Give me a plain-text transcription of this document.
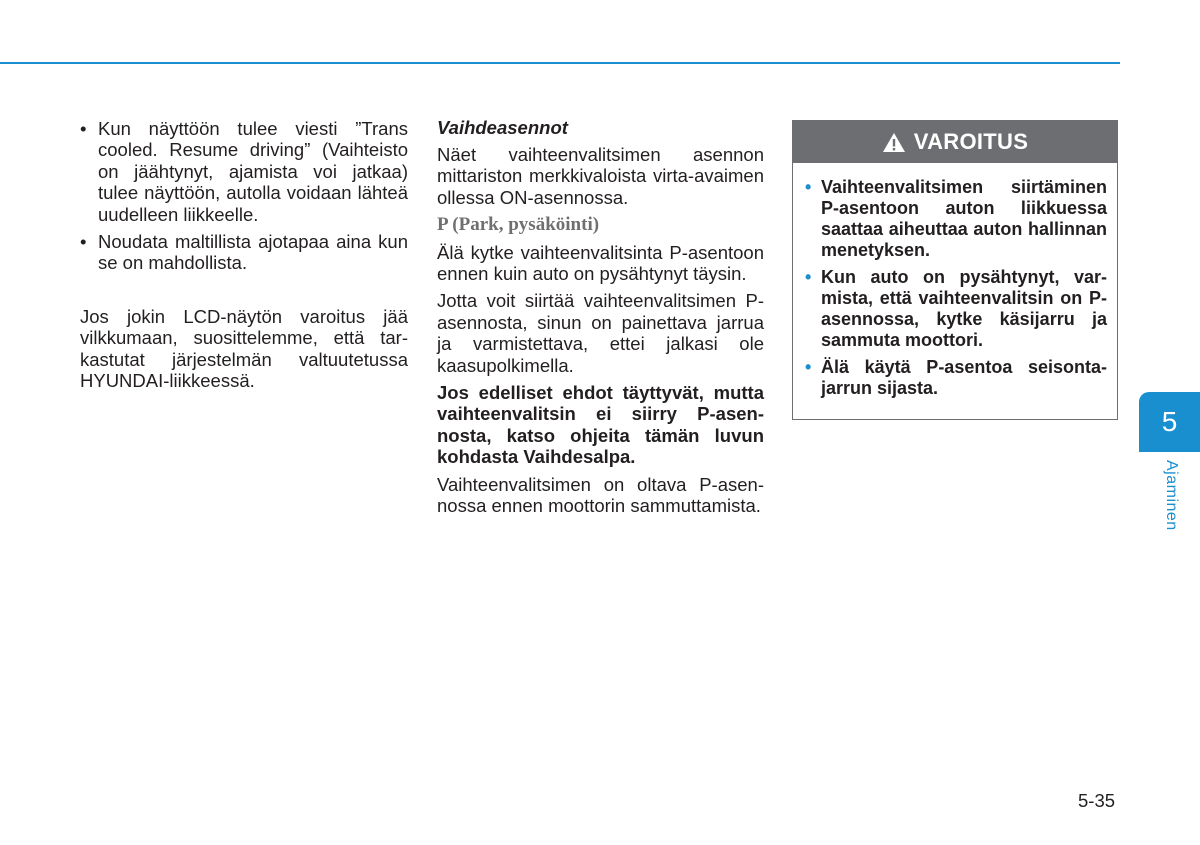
• Kun näyttöön tulee viesti ”Trans cooled. Resume driving” (Vaihteisto on jäähtynyt, ajamista voi jatkaa) tulee näyttöön, autolla voidaan lähteä uudelleen liikkeelle.
• Noudata maltillista ajotapaa aina kun se on mahdollista.

Jos jokin LCD-näytön varoitus jää vilkkumaan, suosittelemme, että tarkastutat järjestelmän valtuutetussa HYUNDAI-liikkeessä.

Vaihdeasennot

Näet vaihteenvalitsimen asennon mittariston merkkivaloista virta-avaimen ollessa ON-asennossa.

P (Park, pysäköinti)

Älä kytke vaihteenvalitsinta P-asentoon ennen kuin auto on pysähtynyt täysin.

Jotta voit siirtää vaihteenvalitsimen P-asennosta, sinun on painettava jarrua ja varmistettava, ettei jalkasi ole kaasupolkimella.

Jos edelliset ehdot täyttyvät, mutta vaihteenvalitsin ei siirry P-asennosta, katso ohjeita tämän luvun kohdasta Vaihdesalpa.

Vaihteenvalitsimen on oltava P-asennossa ennen moottorin sammuttamista.

VAROITUS
• Vaihteenvalitsimen siirtäminen P-asentoon auton liikkuessa saattaa aiheuttaa auton hallinnan menetyksen.
• Kun auto on pysähtynyt, varmista, että vaihteenvalitsin on P-asennossa, kytke käsijarru ja sammuta moottori.
• Älä käytä P-asentoa seisontajarrun sijasta.
5
Ajaminen
5-35
